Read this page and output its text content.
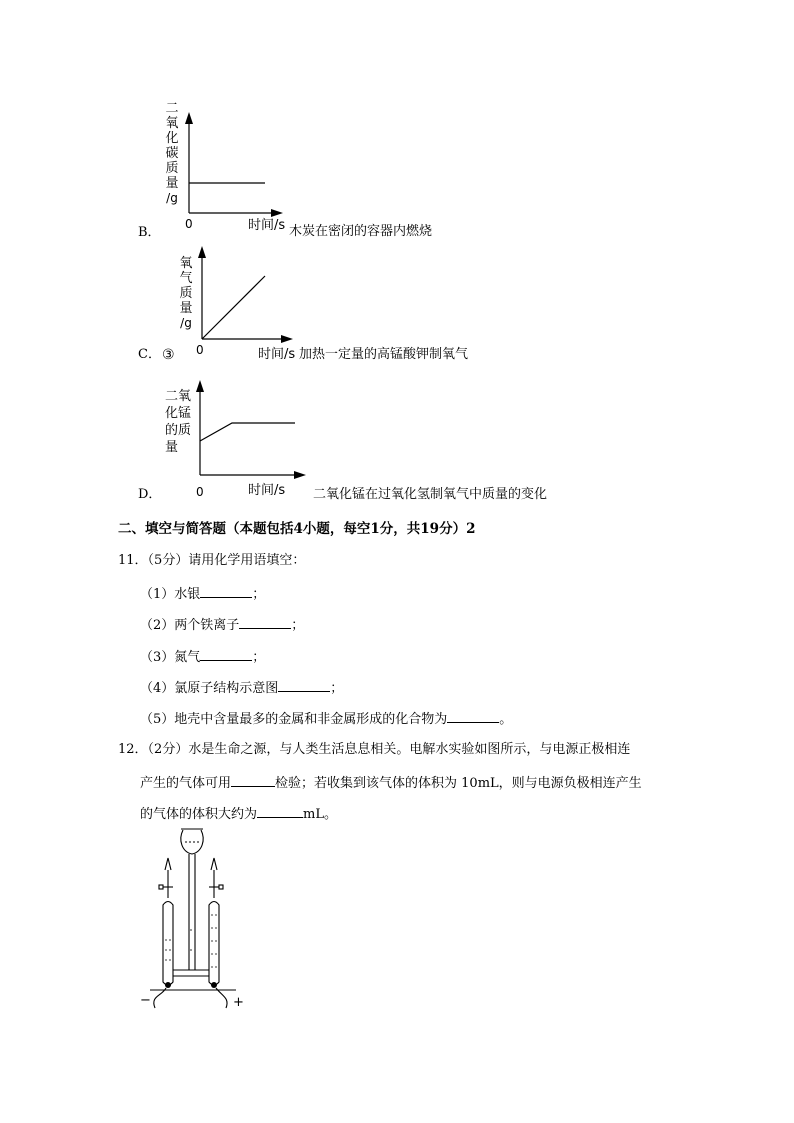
B．
二
氧
化
碳
质
量
/g
0	时间/s 木炭在密闭的容器内燃烧
C． ③
氧
气
质
量
/g
0	时间/s 加热一定量的高锰酸钾制氧气
D．
二氧
化锰
的质
量
0	时间/s 二氧化锰在过氧化氢制氧气中质量的变化
二、填空与简答题（本题包括4小题，每空1分，共19分）2
11．（5分）请用化学用语填空：
（1）水银	；
（2）两个铁离子	；
（3）氮气	；
（4）氯原子结构示意图	；
（5）地壳中含量最多的金属和非金属形成的化合物为	。
12．（2分）水是生命之源，与人类生活息息相关。电解水实验如图所示，与电源正极相连
产生的气体可用	检验；若收集到该气体的体积为 10mL，则与电源负极相连产生
的气体的体积大约为	mL。
−	+
